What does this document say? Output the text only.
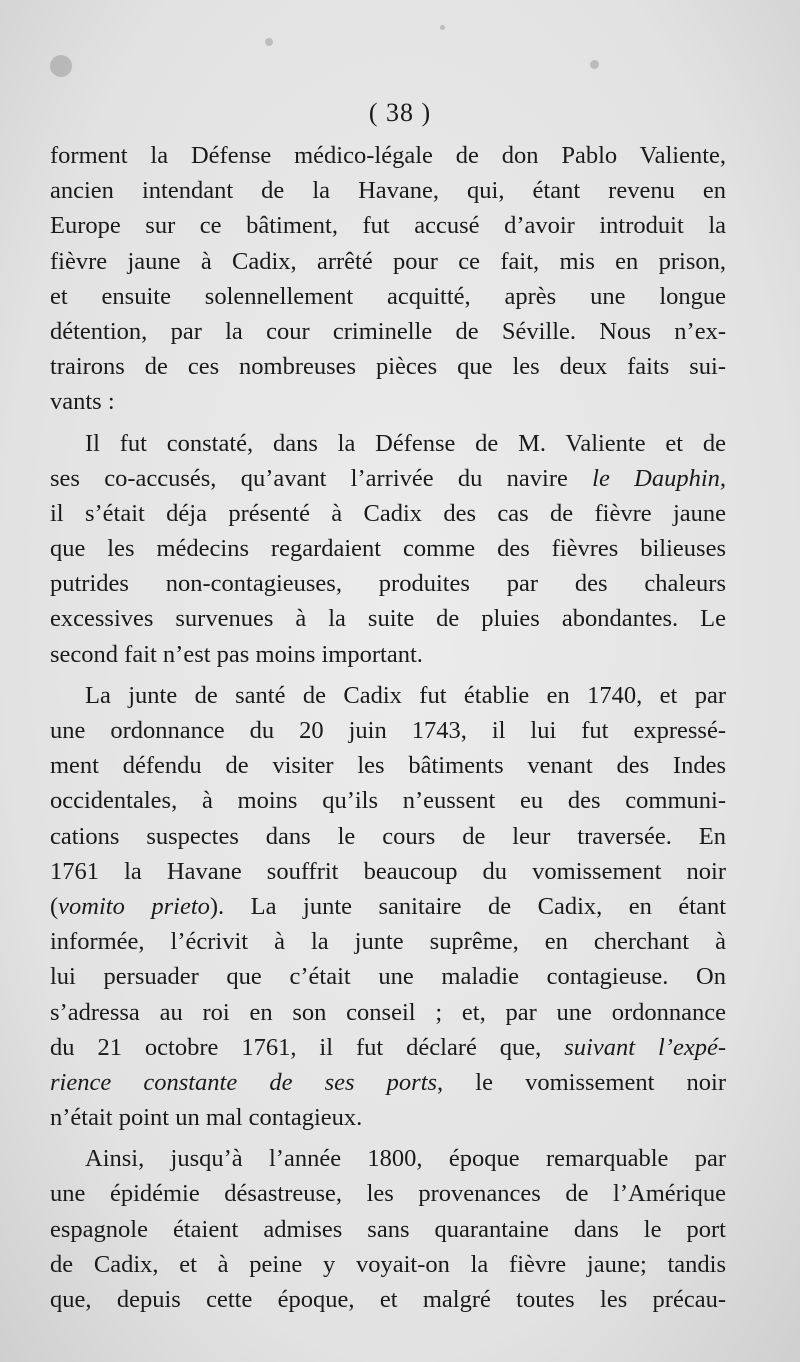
( 38 )
forment la Défense médico-légale de don Pablo Valiente,
ancien intendant de la Havane, qui, étant revenu en
Europe sur ce bâtiment, fut accusé d’avoir introduit la
fièvre jaune à Cadix, arrêté pour ce fait, mis en prison,
et ensuite solennellement acquitté, après une longue
détention, par la cour criminelle de Séville. Nous n’ex-
trairons de ces nombreuses pièces que les deux faits sui-
vants :
Il fut constaté, dans la Défense de M. Valiente et de
ses co-accusés, qu’avant l’arrivée du navire le Dauphin,
il s’était déja présenté à Cadix des cas de fièvre jaune
que les médecins regardaient comme des fièvres bilieuses
putrides non-contagieuses, produites par des chaleurs
excessives survenues à la suite de pluies abondantes. Le
second fait n’est pas moins important.
La junte de santé de Cadix fut établie en 1740, et par
une ordonnance du 20 juin 1743, il lui fut expressé-
ment défendu de visiter les bâtiments venant des Indes
occidentales, à moins qu’ils n’eussent eu des communi-
cations suspectes dans le cours de leur traversée. En
1761 la Havane souffrit beaucoup du vomissement noir
(vomito prieto). La junte sanitaire de Cadix, en étant
informée, l’écrivit à la junte suprême, en cherchant à
lui persuader que c’était une maladie contagieuse. On
s’adressa au roi en son conseil ; et, par une ordonnance
du 21 octobre 1761, il fut déclaré que, suivant l’expé-
rience constante de ses ports, le vomissement noir
n’était point un mal contagieux.
Ainsi, jusqu’à l’année 1800, époque remarquable par
une épidémie désastreuse, les provenances de l’Amérique
espagnole étaient admises sans quarantaine dans le port
de Cadix, et à peine y voyait-on la fièvre jaune; tandis
que, depuis cette époque, et malgré toutes les précau-
